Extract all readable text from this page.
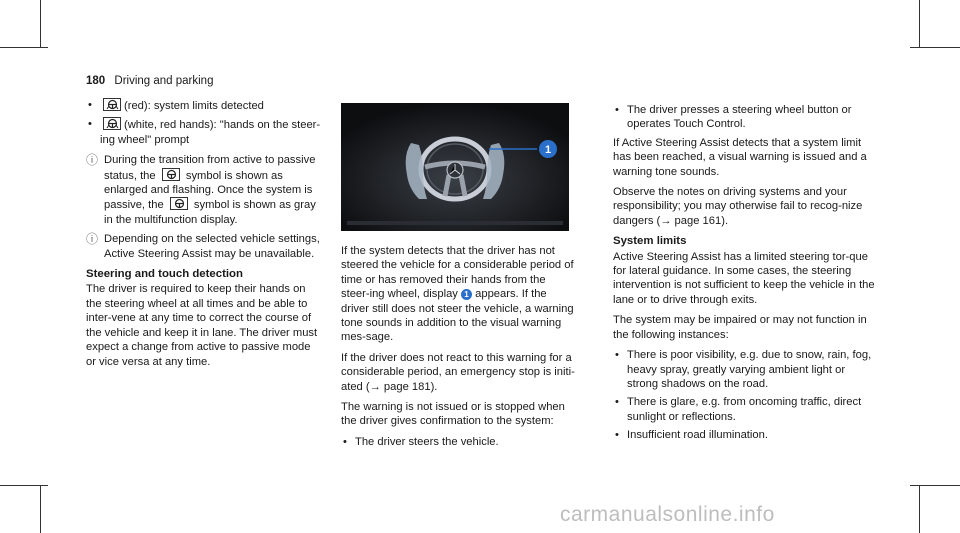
180 Driving and parking
• (red): system limits detected
• (white, red hands): "hands on the steer-ing wheel" prompt
ⓘ During the transition from active to passive status, the	symbol is shown as enlarged and flashing. Once the system is passive, the	symbol is shown as gray in the multifunction display.
ⓘ Depending on the selected vehicle settings, Active Steering Assist may be unavailable.
Steering and touch detection

The driver is required to keep their hands on the steering wheel at all times and be able to inter-vene at any time to correct the course of the vehicle and keep it in lane. The driver must expect a change from active to passive mode or vice versa at any time.

1

If the system detects that the driver has not steered the vehicle for a considerable period of time or has removed their hands from the steer-ing wheel, display 1 appears. If the driver still does not steer the vehicle, a warning tone sounds in addition to the visual warning mes-sage.

If the driver does not react to this warning for a considerable period, an emergency stop is initi-ated (→ page 181).

The warning is not issued or is stopped when the driver gives confirmation to the system:

• The driver steers the vehicle.
• The driver presses a steering wheel button or operates Touch Control.

If Active Steering Assist detects that a system limit has been reached, a visual warning is issued and a warning tone sounds.

Observe the notes on driving systems and your responsibility; you may otherwise fail to recog-nize dangers (→ page 161).

System limits

Active Steering Assist has a limited steering tor-que for lateral guidance. In some cases, the steering intervention is not sufficient to keep the vehicle in the lane or to drive through exits.

The system may be impaired or may not function in the following instances:

• There is poor visibility, e.g. due to snow, rain, fog, heavy spray, greatly varying ambient light or strong shadows on the road.
• There is glare, e.g. from oncoming traffic, direct sunlight or reflections.
• Insufficient road illumination.
carmanualsonline.info
